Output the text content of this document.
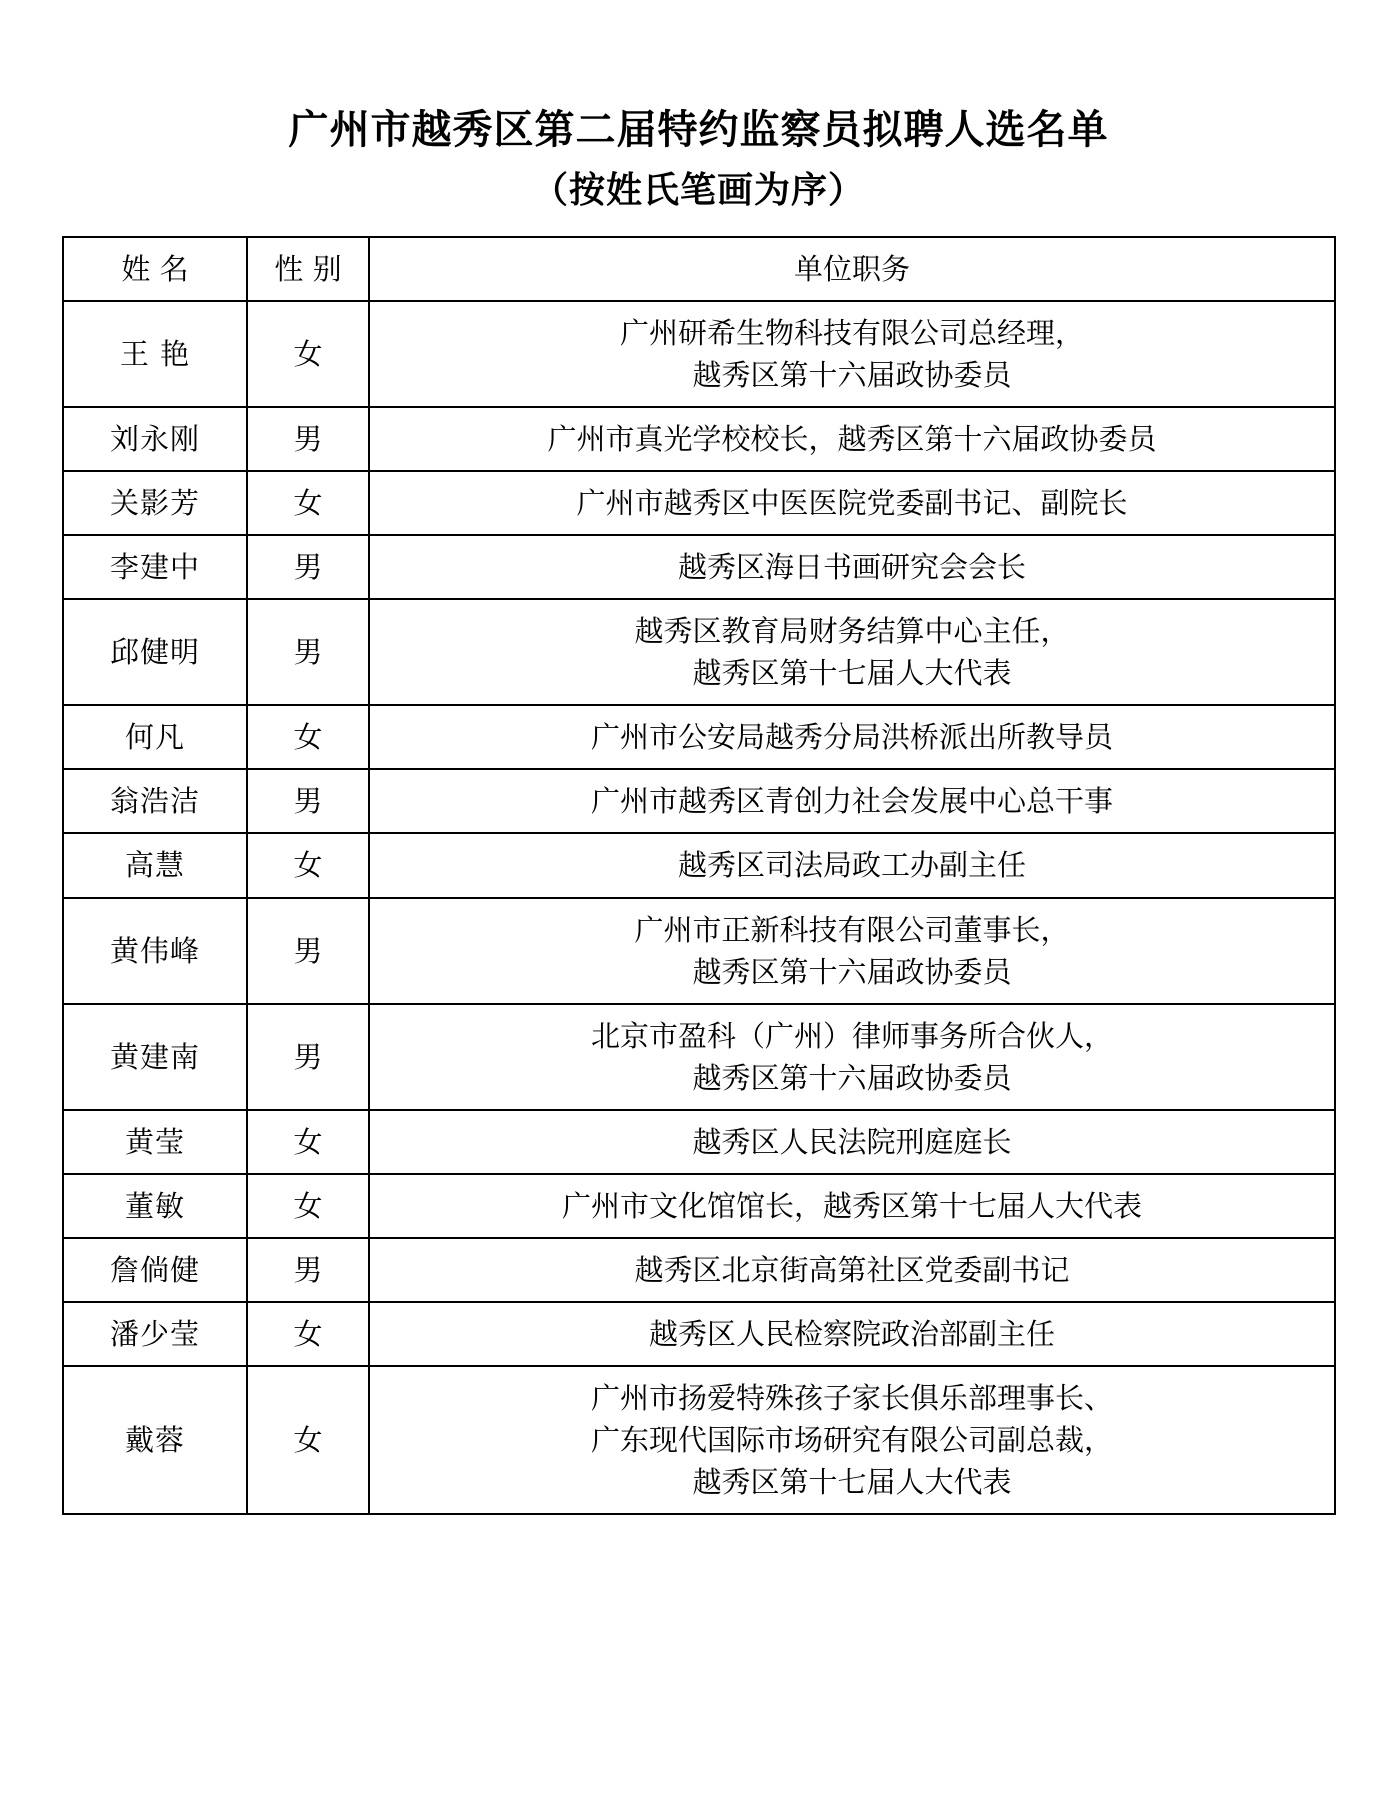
广州市越秀区第二届特约监察员拟聘人选名单
（按姓氏笔画为序）
姓 名	性 别	单位职务
王 艳	女	广州研希生物科技有限公司总经理，
越秀区第十六届政协委员

刘永刚	男	广州市真光学校校长，越秀区第十六届政协委员

关影芳	女	广州市越秀区中医医院党委副书记、副院长

李建中	男	越秀区海日书画研究会会长

邱健明	男	越秀区教育局财务结算中心主任，
越秀区第十七届人大代表

何凡	女	广州市公安局越秀分局洪桥派出所教导员

翁浩洁	男	广州市越秀区青创力社会发展中心总干事

高慧	女	越秀区司法局政工办副主任

黄伟峰	男	广州市正新科技有限公司董事长，
越秀区第十六届政协委员

黄建南	男	北京市盈科（广州）律师事务所合伙人，
越秀区第十六届政协委员

黄莹	女	越秀区人民法院刑庭庭长

董敏	女	广州市文化馆馆长，越秀区第十七届人大代表

詹倘健	男	越秀区北京街高第社区党委副书记

潘少莹	女	越秀区人民检察院政治部副主任

戴蓉	女	广州市扬爱特殊孩子家长俱乐部理事长、
广东现代国际市场研究有限公司副总裁，
越秀区第十七届人大代表
